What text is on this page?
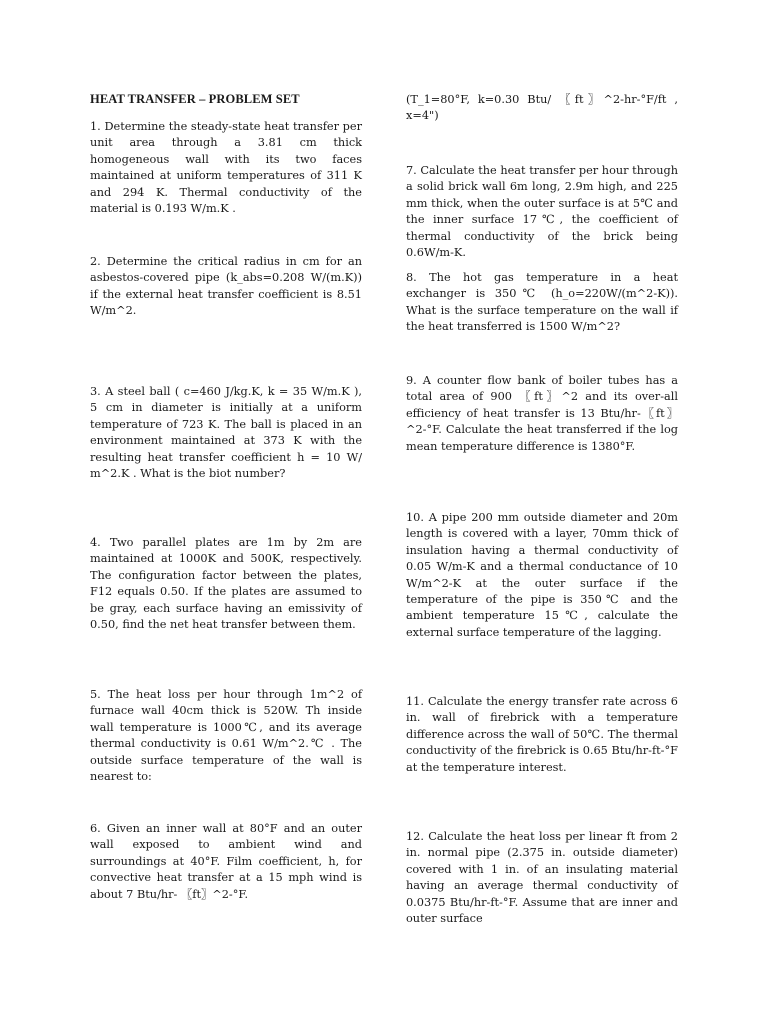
HEAT TRANSFER – PROBLEM SET
1. Determine the steady-state heat transfer per unit area through a 3.81 cm thick homogeneous wall with its two faces maintained at uniform temperatures of 311 K and 294 K. Thermal conductivity of the material is 0.193 W/m.K .
2. Determine the critical radius in cm for an asbestos-covered pipe (k_abs=0.208 W/(m.K)) if the external heat transfer coefficient is 8.51 W/m^2.
3. A steel ball ( c=460 J/kg.K, k = 35 W/m.K ), 5 cm in diameter is initially at a uniform temperature of 723 K. The ball is placed in an environment maintained at 373 K with the resulting heat transfer coefficient h = 10 W/ m^2.K . What is the biot number?
4. Two parallel plates are 1m by 2m are maintained at 1000K and 500K, respectively. The configuration factor between the plates, F12 equals 0.50. If the plates are assumed to be gray, each surface having an emissivity of 0.50, find the net heat transfer between them.
5. The heat loss per hour through 1m^2 of furnace wall 40cm thick is 520W. Th inside wall temperature is 1000℃, and its average thermal conductivity is 0.61 W/m^2.℃ . The outside surface temperature of the wall is nearest to:
6. Given an inner wall at 80°F and an outer wall exposed to ambient wind and surroundings at 40°F. Film coefficient, h, for convective heat transfer at a 15 mph wind is about 7 Btu/hr- 〖ft〗^2-°F.
(T_1=80°F, k=0.30 Btu/ 〖ft〗^2-hr-°F/ft , x=4")
7. Calculate the heat transfer per hour through a solid brick wall 6m long, 2.9m high, and 225 mm thick, when the outer surface is at 5℃ and the inner surface 17℃, the coefficient of thermal conductivity of the brick being 0.6W/m-K.
8. The hot gas temperature in a heat exchanger is 350℃ (h_o=220W/(m^2-K)). What is the surface temperature on the wall if the heat transferred is 1500 W/m^2?
9. A counter flow bank of boiler tubes has a total area of 900 〖ft〗^2 and its over-all efficiency of heat transfer is 13 Btu/hr-〖ft〗^2-°F. Calculate the heat transferred if the log mean temperature difference is 1380°F.
10. A pipe 200 mm outside diameter and 20m length is covered with a layer, 70mm thick of insulation having a thermal conductivity of 0.05 W/m-K and a thermal conductance of 10 W/m^2-K at the outer surface if the temperature of the pipe is 350℃ and the ambient temperature 15℃, calculate the external surface temperature of the lagging.
11. Calculate the energy transfer rate across 6 in. wall of firebrick with a temperature difference across the wall of 50℃. The thermal conductivity of the firebrick is 0.65 Btu/hr-ft-°F at the temperature interest.
12. Calculate the heat loss per linear ft from 2 in. normal pipe (2.375 in. outside diameter) covered with 1 in. of an insulating material having an average thermal conductivity of 0.0375 Btu/hr-ft-°F. Assume that are inner and outer surface
